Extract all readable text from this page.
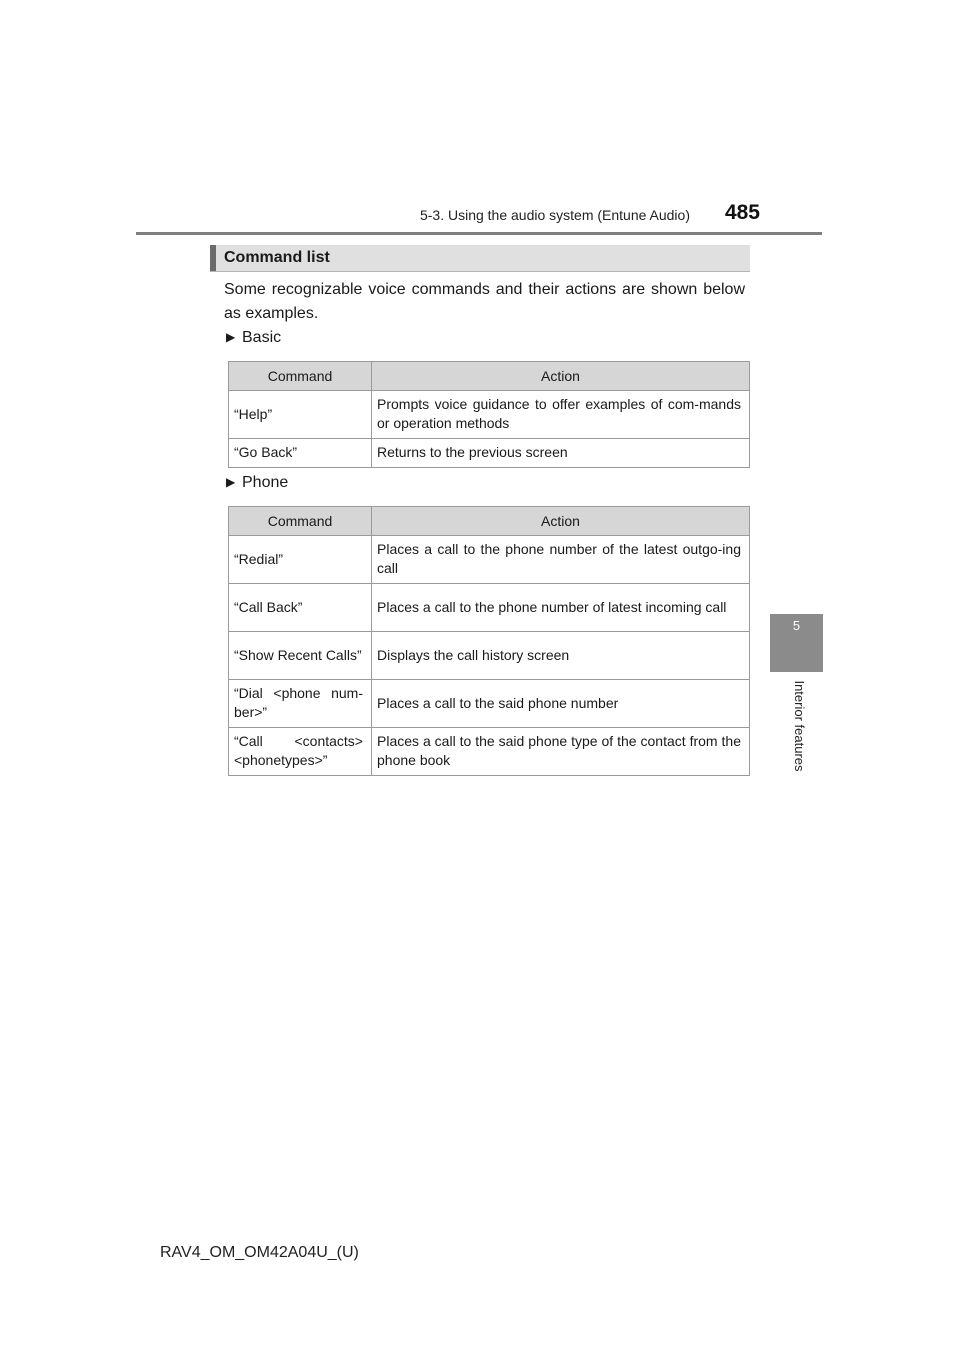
5-3. Using the audio system (Entune Audio)	485
Command list
Some recognizable voice commands and their actions are shown below as examples.
▶ Basic
Command	Action
“Help”	Prompts voice guidance to offer examples of com-mands or operation methods
“Go Back”	Returns to the previous screen
▶ Phone
Command	Action
“Redial”	Places a call to the phone number of the latest outgo-ing call
“Call Back”	Places a call to the phone number of latest incoming call
“Show Recent Calls”	Displays the call history screen
“Dial <phone num-ber>”	Places a call to the said phone number
“Call <contacts> <phonetypes>”	Places a call to the said phone type of the contact from the phone book
5
Interior features
RAV4_OM_OM42A04U_(U)
